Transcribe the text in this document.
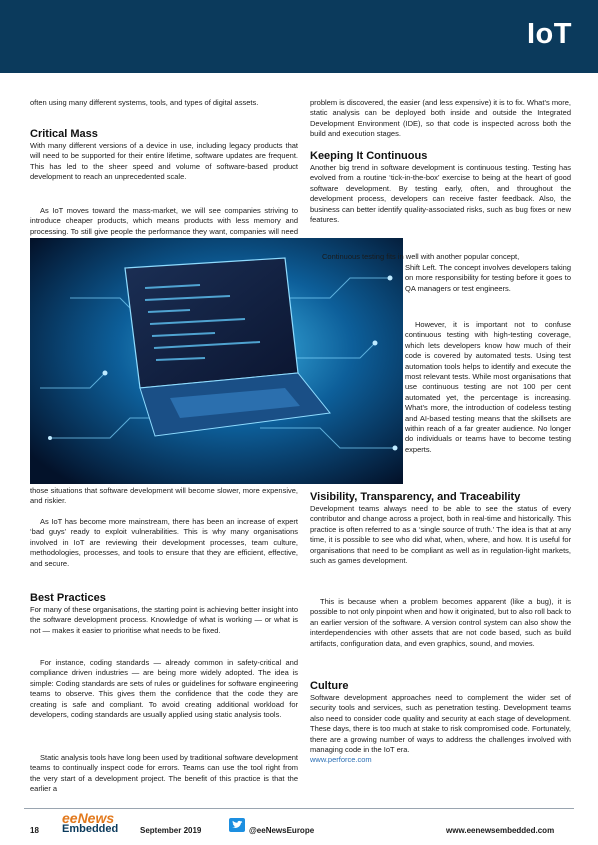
IoT

often using many different systems, tools, and types of digital assets.

Critical Mass

With many different versions of a device in use, including legacy products that will need to be supported for their entire lifetime, software updates are frequent. This has led to the sheer speed and volume of software-based product development to reach an unprecedented scale.

As IoT moves toward the mass-market, we will see companies striving to introduce cheaper products, which means products with less memory and processing. To still give people the performance they want, companies will need

those situations that software development will become slower, more expensive, and riskier.

As IoT has become more mainstream, there has been an increase of expert ‘bad guys’ ready to exploit vulnerabilities. This is why many organisations involved in IoT are reviewing their development processes, team culture, methodologies, processes, and tools to ensure that they are efficient, effective, and secure.

Best Practices

For many of these organisations, the starting point is achieving better insight into the software development process. Knowledge of what is working — or what is not — makes it easier to prioritise what needs to be fixed.

For instance, coding standards — already common in safety-critical and compliance driven industries — are being more widely adopted. The idea is simple: Coding standards are sets of rules or guidelines for software engineering teams to observe. This gives them the confidence that the code they are creating is safe and compliant. To avoid creating additional workload for developers, coding standards are usually applied using static analysis tools.

Static analysis tools have long been used by traditional software development teams to continually inspect code for errors. Teams can use the tool right from the very start of a development project. The benefit of this practice is that the earlier a

problem is discovered, the easier (and less expensive) it is to fix. What’s more, static analysis can be deployed both inside and outside the Integrated Development Environment (IDE), so that code is inspected across both the build and execution stages.

Keeping It Continuous

Another big trend in software development is continuous testing. Testing has evolved from a routine ‘tick-in-the-box’ exercise to being at the heart of good software development. By testing early, often, and throughout the development process, developers can receive faster feedback. Also, the business can better identify quality-associated risks, such as bug fixes or new features.

Continuous testing fits in well with another popular concept,

Shift Left. The concept involves developers taking on more responsibility for testing before it goes to QA managers or test engineers.

However, it is important not to confuse continuous testing with high-testing coverage, which lets developers know how much of their code is covered by automated tests. Using test automation tools helps to identify and execute the most relevant tests. While most organisations that use continuous testing are not 100 per cent automated yet, the percentage is increasing. What’s more, the introduction of codeless testing and AI-based testing means that the skillsets are within reach of a far greater audience. No longer do individuals or teams have to become testing experts.

Visibility, Transparency, and Traceability

Development teams always need to be able to see the status of every contributor and change across a project, both in real-time and historically. This practice is often referred to as a ‘single source of truth.’ The idea is that at any time, it is possible to see who did what, when, where, and how. It is useful for organisations that need to be compliant as well as in regulation-light markets, such as games development.

This is because when a problem becomes apparent (like a bug), it is possible to not only pinpoint when and how it originated, but to also roll back to an earlier version of the software. A version control system can also show the interdependencies with other assets that are not code based, such as build artifacts, configuration data, and even graphics, sound, and movies.

Culture

Software development approaches need to complement the wider set of security tools and services, such as penetration testing. Development teams also need to consider code quality and security at each stage of development. These days, there is too much at stake to risk compromised code. Fortunately, there are a growing number of ways to address the challenges involved with managing code in the IoT era.

www.perforce.com
18
eeNews
Embedded	September 2019	@eeNewsEurope	www.eenewsembedded.com
